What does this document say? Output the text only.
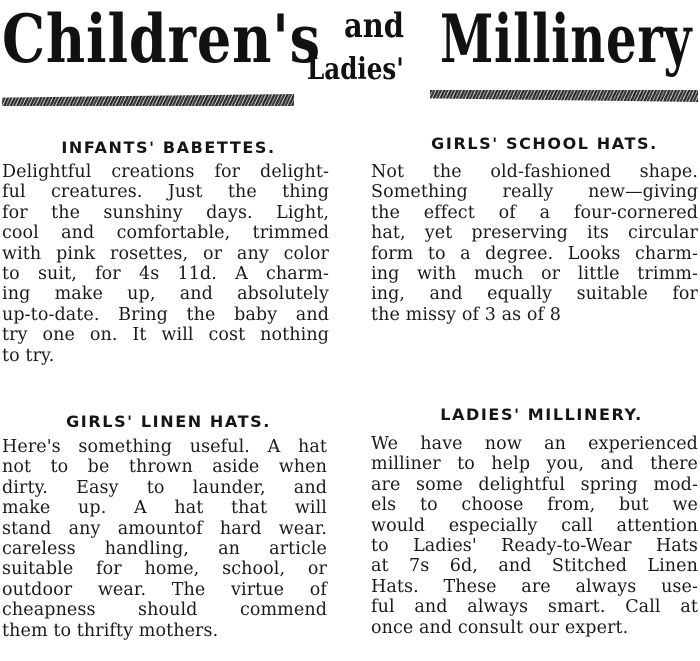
Children's and
Ladies' Millinery
INFANTS' BABETTES.
Delightful creations for delight-
ful creatures. Just the thing
for the sunshiny days. Light,
cool and comfortable, trimmed
with pink rosettes, or any color
to suit, for 4s 11d. A charm-
ing make up, and absolutely
up-to-date. Bring the baby and
try one on. It will cost nothing
to try.
GIRLS' SCHOOL HATS.
Not the old-fashioned shape.
Something really new—giving
the effect of a four-cornered
hat, yet preserving its circular
form to a degree. Looks charm-
ing with much or little trimm-
ing, and equally suitable for
the missy of 3 as of 8
GIRLS' LINEN HATS.
Here's something useful. A hat
not to be thrown aside when
dirty. Easy to launder, and
make up. A hat that will
stand any amountof hard wear.
careless handling, an article
suitable for home, school, or
outdoor wear. The virtue of
cheapness should commend
them to thrifty mothers.
LADIES' MILLINERY.
We have now an experienced
milliner to help you, and there
are some delightful spring mod-
els to choose from, but we
would especially call attention
to Ladies' Ready-to-Wear Hats
at 7s 6d, and Stitched Linen
Hats. These are always use-
ful and always smart. Call at
once and consult our expert.
